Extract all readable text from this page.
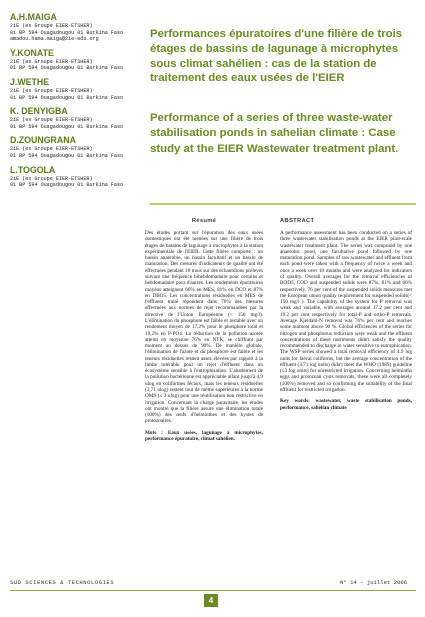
A.H.MAIGA
2iE (ex Groupe EIER-ETSHER)
01 BP 594 Ouagadougou 01 Burkina Faso
amadou.hama.maiga@2ie-edu.org
Y.KONATE
2iE (ex Groupe EIER-ETSHER)
01 BP 594 Ouagadougou 01 Burkina Faso
J.WETHE
2iE (ex Groupe EIER-ETSHER)
01 BP 594 Ouagadougou 01 Burkina Faso
K. DENYIGBA
2iE (ex Groupe EIER-ETSHER)
01 BP 594 Ouagadougou 01 Burkina Faso
D.ZOUNGRANA
2iE (ex Groupe EIER-ETSHER)
01 BP 594 Ouagadougou 01 Burkina Faso
L.TOGOLA
2iE (ex Groupe EIER-ETSHER)
01 BP 594 Ouagadougou 01 Burkina Faso
Performances épuratoires d'une filière de trois étages de bassins de lagunage à microphytes sous climat sahélien : cas de la station de traitement des eaux usées de l'EIER
Performance of a series of three waste-water stabilisation ponds in sahelian climate : Case study at the EIER Wastewater treatment plant.
Résumé

Des études portant sur l'épuration des eaux usées domestiques ont été menées sur une filière de trois étages de bassins de lagunage à microphytes à la station expérimentale de l'EIER. Cette filière comporte : un bassin anaérobie, un bassin facultatif et un bassin de maturation. Des mesures d'indicateurs de qualité ont été effectuées pendant 10 mois sur des échantillons prélevés suivant une fréquence bihebdomadaire pour certains et hebdomadaire pour d'autres. Les rendements épuratoires moyens atteignent 66% en MES, 81% en DCO et 87% en DBO5. Les concentrations résiduelles en MES de l'effluent traité répondent dans 76% des mesures effectuées aux normes de rejet recommandées par la directive de l'Union Européenne (< 150 mg/l). L'élimination du phosphore est faible et instable avec un rendement moyen de 17,2% pour le phosphore total et 19,2% en P-PO4. La réduction de la pollution azotée atteint en moyenne 76% en NTK, se chiffrant par moment au dessus de 90%. De manière globale, l'élimination de l'azote et du phosphore est faible et les teneurs résiduelles restent assez élevées par rapport à la limite tolérable pour un rejet d'effluent dans un écosystème sensible à l'eutrophisation. L'abattement de la pollution bactérienne est appréciable allant jusqu'à 4,9 ulog en coliformes fécaux, mais les teneurs résiduelles (3,71 ulog) restent tout de même supérieures à la norme OMS (≤ 3 ulog) pour une réutilisation non restrictive en irrigation. Concernant la charge parasitaire, les études ont montré que la filière assure une élimination totale (100%) des œufs d'helminthes et des kystes de protozoaires.

Mots : Eaux usées, lagunage à microphytes, performance épuratoire, climat sahélien.
ABSTRACT

A performance assessment has been conducted on a series of three wastewater stabilisation ponds at the EIER pilot-scale wastewater treatment plant. The series was composed by one anaerobic pond, one facultative pond followed by one maturation pond. Samples of raw wastewater and effluent from each pond were taken with a frequency of twice a week and once a week over 10 months and were analyzed for indicators of quality. Overall averages for the removal efficiencies of BOD5, COD and suspended solids were 87%, 81% and 66% respectively. 76 per cent of the suspended solids measures met the European union quality requirement for suspended solids(< 150 mg/l ). The capability of the system for P removal was weak and variable, with averages around 17.2 per cent and 19.2 per cent respectively for total-P and ortho-P removals. Average Kjeldahl-N removal was 76% per cent and reaches some moment above 90 %. Global efficiences of the series for nitrogen and phosphorus reduction were weak and the effluent concentrations of these nutriments didn't satisfy the quality recommended to discharge in water sensitive to eutrophication. The WSP series showed a total removal efficiency of 4.9 log units for faecal coliforms, but the average concentration of the effluent (3.71 log units) didn't meet the WHO (1989) guideline (≤3 log units) for unrestricted irrigation. Concerning helminths eggs and protozoan cysts removals, these were all completely (100%) removed and so confirming the suitability of the final effluent for restricted irrigation.

Key words: wastewater, waste stabilisation ponds, performance, sahelian climate
SUD SCIENCES & TECHNOLOGIES	N° 14 - juillet 2006
4
